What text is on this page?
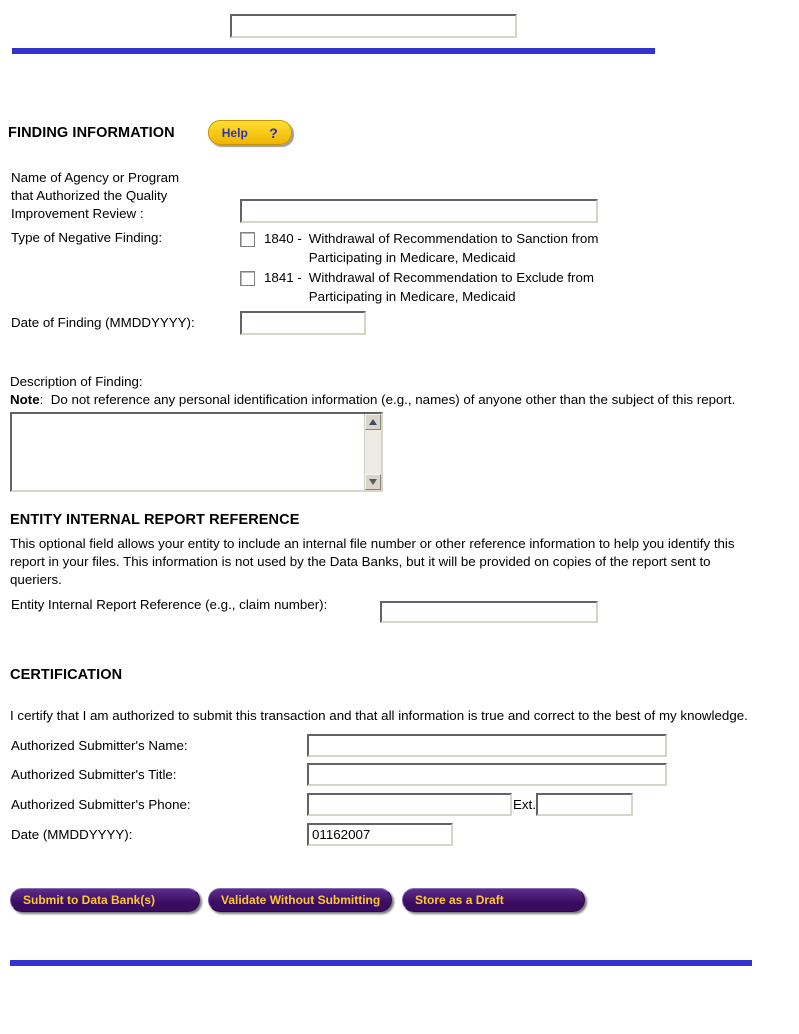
FINDING INFORMATION	Help ?
Name of Agency or Program that Authorized the Quality Improvement Review :
Type of Negative Finding:	1840 - Withdrawal of Recommendation to Sanction from Participating in Medicare, Medicaid
1841 - Withdrawal of Recommendation to Exclude from Participating in Medicare, Medicaid
Date of Finding (MMDDYYYY):
Description of Finding:

Note:  Do not reference any personal identification information (e.g., names) of anyone other than the subject of this report.

ENTITY INTERNAL REPORT REFERENCE
This optional field allows your entity to include an internal file number or other reference information to help you identify this report in your files. This information is not used by the Data Banks, but it will be provided on copies of the report sent to queriers.
Entity Internal Report Reference (e.g., claim number):
CERTIFICATION
I certify that I am authorized to submit this transaction and that all information is true and correct to the best of my knowledge.
Authorized Submitter's Name:
Authorized Submitter's Title:
Authorized Submitter's Phone:	Ext.
Date (MMDDYYYY):
01162007
Submit to Data Bank(s)	Validate Without Submitting	Store as a Draft
